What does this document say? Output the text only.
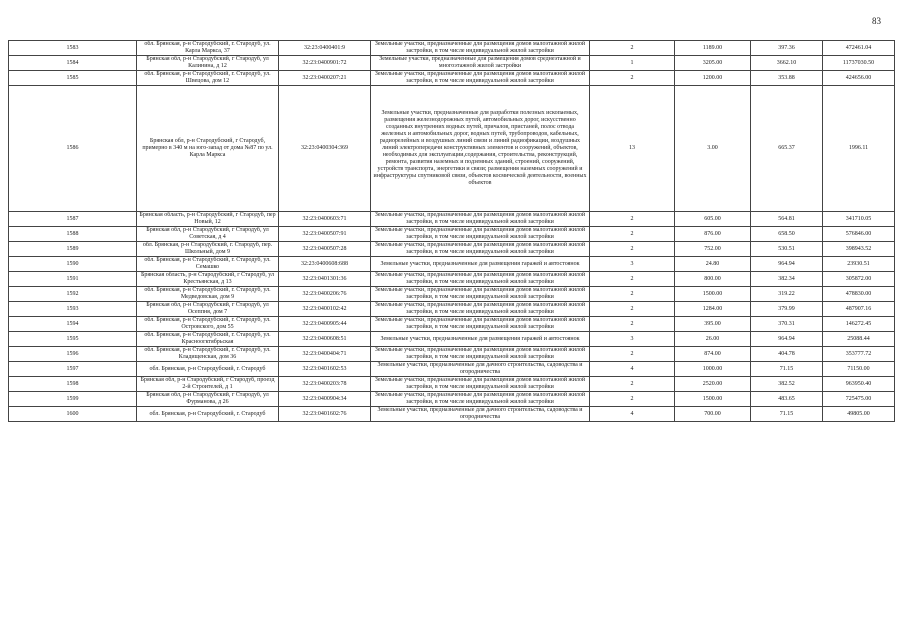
83
1583	обл. Брянская, р-н Стародубский, г. Стародуб, ул. Карла Маркса, 37	32:23:0400401:9	Земельные участки, предназначенные для размещения домов малоэтажной жилой застройки, в том числе индивидуальной жилой застройки	2	1189.00	397.36	472461.04
1584	Брянская обл, р-н Стародубский, г Стародуб, ул Калинина, д 12	32:23:0400901:72	Земельные участки, предназначенные для размещения домов среднеэтажной и многоэтажной жилой застройки	1	3205.00	3662.10	11737030.50
1585	обл. Брянская, р-н Стародубский, г. Стародуб, ул. Швецова, дом 12	32:23:0400207:21	Земельные участки, предназначенные для размещения домов малоэтажной жилой застройки, в том числе индивидуальной жилой застройки	2	1200.00	353.88	424656.00
1586	Брянская обл, р-н Стародубский, г Стародуб, примерно в 340 м на юго-запад от дома №87 по ул. Карла Маркса	32:23:0400304:369	Земельные участки, предназначенные для разработки полезных ископаемых, размещения железнодорожных путей, автомобильных дорог, искусственно созданных внутренних водных путей, причалов, пристаней, полос отвода железных и автомобильных дорог, водных путей, трубопроводов, кабельных, радиорелейных и воздушных линий связи и линий радиофикации, воздушных линий электропередачи конструктивных элементов и сооружений, объектов, необходимых для эксплуатации,содержания, строительства, реконструкций, ремонта, развития наземных и подземных зданий, строений, сооружений, устройств транспорта, энергетики и связи; размещения наземных сооружений и инфраструктуры спутниковой связи, объектов космической деятельности, военных объектов	13	3.00	665.37	1996.11
1587	Брянская область, р-н Стародубский, г Стародуб, пер Новый, 12	32:23:0400603:71	Земельные участки, предназначенные для размещения домов малоэтажной жилой застройки, в том числе индивидуальной жилой застройки	2	605.00	564.81	341710.05
1588	Брянская обл, р-н Стародубский, г Стародуб, ул Советская, д 4	32:23:0400507:91	Земельные участки, предназначенные для размещения домов малоэтажной жилой застройки, в том числе индивидуальной жилой застройки	2	876.00	658.50	576846.00
1589	обл. Брянская, р-н Стародубский, г. Стародуб, пер. Школьный, дом 9	32:23:0400507:28	Земельные участки, предназначенные для размещения домов малоэтажной жилой застройки, в том числе индивидуальной жилой застройки	2	752.00	530.51	398943.52
1590	обл. Брянская, р-н Стародубский, г. Стародуб, ул. Семашко	32:23:0400608:688	Земельные участки, предназначенные для размещения гаражей и автостоянок	3	24.80	964.94	23930.51
1591	Брянская область, р-н Стародубский, г Стародуб, ул Крестьянская, д 13	32:23:0401301:36	Земельные участки, предназначенные для размещения домов малоэтажной жилой застройки, в том числе индивидуальной жилой застройки	2	800.00	382.34	305872.00
1592	обл. Брянская, р-н Стародубский, г. Стародуб, ул. Медведовская, дом 9	32:23:0400206:76	Земельные участки, предназначенные для размещения домов малоэтажной жилой застройки, в том числе индивидуальной жилой застройки	2	1500.00	319.22	478830.00
1593	Брянская обл, р-н Стародубский, г Стародуб, ул Осеппня, дом 7	32:23:0400102:42	Земельные участки, предназначенные для размещения домов малоэтажной жилой застройки, в том числе индивидуальной жилой застройки	2	1284.00	379.99	487907.16
1594	обл. Брянская, р-н Стародубский, г. Стародуб, ул. Островского, дом 55	32:23:0400905:44	Земельные участки, предназначенные для размещения домов малоэтажной жилой застройки, в том числе индивидуальной жилой застройки	2	395.00	370.31	146272.45
1595	обл. Брянская, р-н Стародубский, г. Стародуб, ул. Красноогктябрьская	32:23:0400608:51	Земельные участки, предназначенные для размещения гаражей и автостоянок	3	26.00	964.94	25088.44
1596	обл. Брянская, р-н Стародубский, г. Стародуб, ул. Кладищенская, дом 36	32:23:0400404:71	Земельные участки, предназначенные для размещения домов малоэтажной жилой застройки, в том числе индивидуальной жилой застройки	2	874.00	404.78	353777.72
1597	обл. Брянская, р-н Стародубский, г. Стародуб	32:23:0401602:53	Земельные участки, предназначенные для дачного строительства, садоводства и огородничества	4	1000.00	71.15	71150.00
1598	Брянская обл, р-н Стародубский, г Стародуб, проезд 2-й Строителей, д 1	32:23:0400203:78	Земельные участки, предназначенные для размещения домов малоэтажной жилой застройки, в том числе индивидуальной жилой застройки	2	2520.00	382.52	963950.40
1599	Брянская обл, р-н Стародубский, г Стародуб, ул Фурманова, д 26	32:23:0400904:34	Земельные участки, предназначенные для размещения домов малоэтажной жилой застройки, в том числе индивидуальной жилой застройки	2	1500.00	483.65	725475.00
1600	обл. Брянская, р-н Стародубский, г. Стародуб	32:23:0401602:76	Земельные участки, предназначенные для дачного строительства, садоводства и огородничества	4	700.00	71.15	49805.00
